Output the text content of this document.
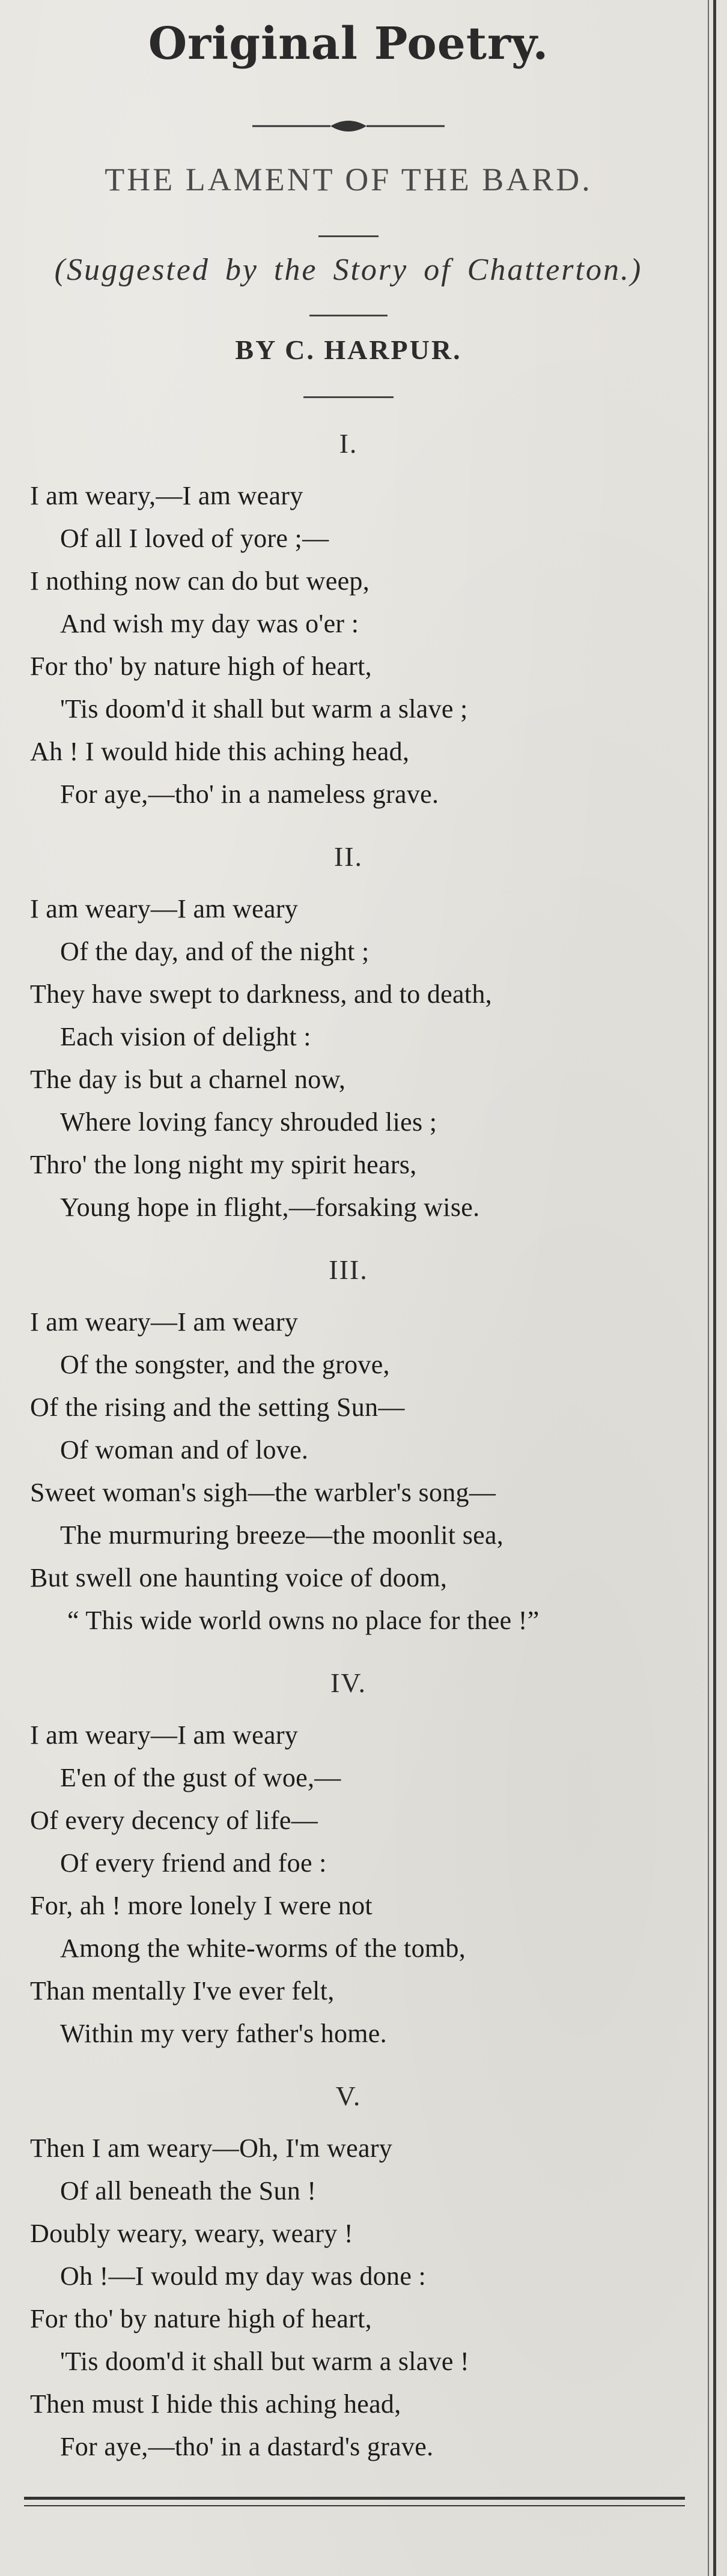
Original Poetry.
THE LAMENT OF THE BARD.
(Suggested by the Story of Chatterton.)
BY C. HARPUR.
I.
I am weary,—I am weary
Of all I loved of yore ;—
I nothing now can do but weep,
And wish my day was o'er :
For tho' by nature high of heart,
'Tis doom'd it shall but warm a slave ;
Ah ! I would hide this aching head,
For aye,—tho' in a nameless grave.
II.
I am weary—I am weary
Of the day, and of the night ;
They have swept to darkness, and to death,
Each vision of delight :
The day is but a charnel now,
Where loving fancy shrouded lies ;
Thro' the long night my spirit hears,
Young hope in flight,—forsaking wise.
III.
I am weary—I am weary
Of the songster, and the grove,
Of the rising and the setting Sun—
Of woman and of love.
Sweet woman's sigh—the warbler's song—
The murmuring breeze—the moonlit sea,
But swell one haunting voice of doom,
“ This wide world owns no place for thee !”
IV.
I am weary—I am weary
E'en of the gust of woe,—
Of every decency of life—
Of every friend and foe :
For, ah ! more lonely I were not
Among the white-worms of the tomb,
Than mentally I've ever felt,
Within my very father's home.
V.
Then I am weary—Oh, I'm weary
Of all beneath the Sun !
Doubly weary, weary, weary !
Oh !—I would my day was done :
For tho' by nature high of heart,
'Tis doom'd it shall but warm a slave !
Then must I hide this aching head,
For aye,—tho' in a dastard's grave.
